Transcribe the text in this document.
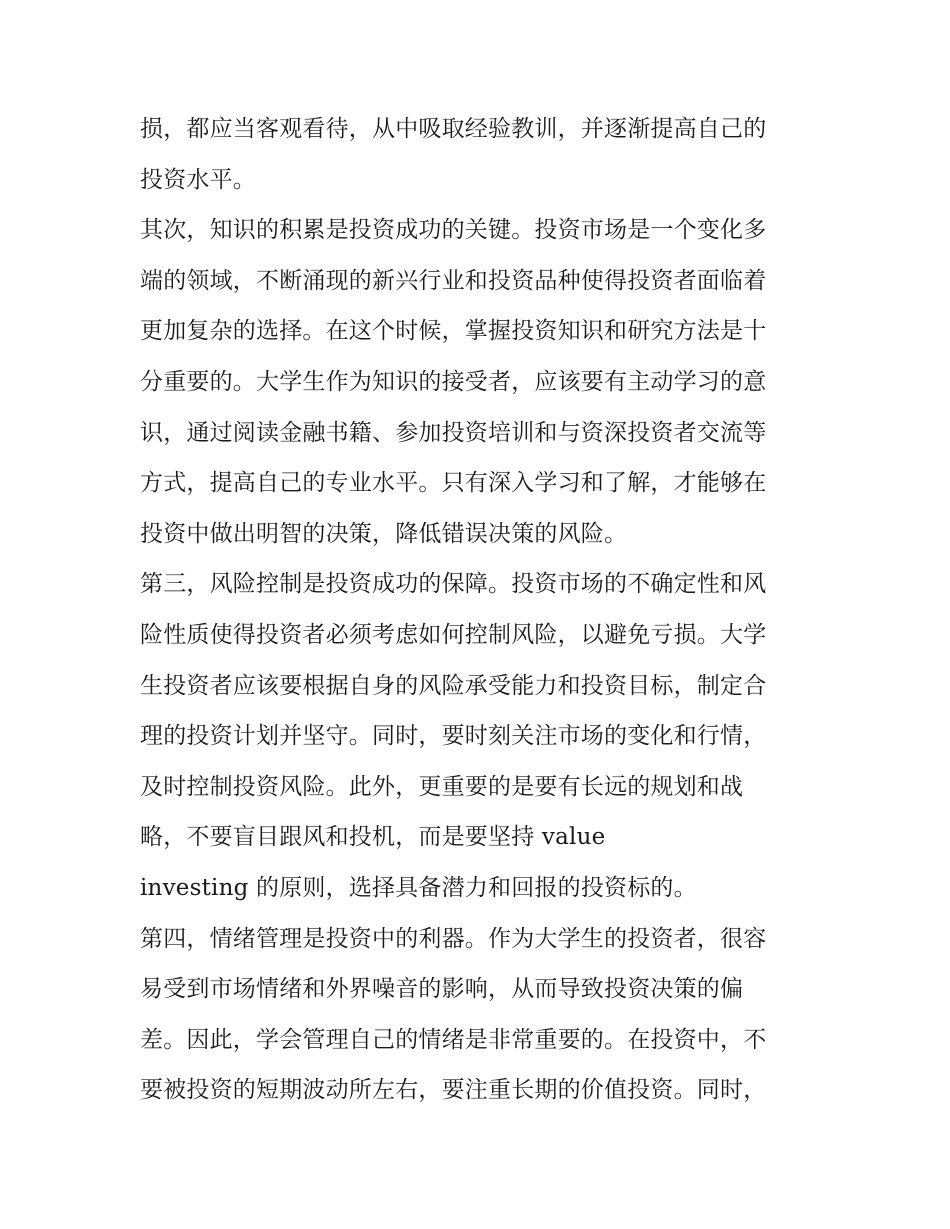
损，都应当客观看待，从中吸取经验教训，并逐渐提高自己的
投资水平。
其次，知识的积累是投资成功的关键。投资市场是一个变化多
端的领域，不断涌现的新兴行业和投资品种使得投资者面临着
更加复杂的选择。在这个时候，掌握投资知识和研究方法是十
分重要的。大学生作为知识的接受者，应该要有主动学习的意
识，通过阅读金融书籍、参加投资培训和与资深投资者交流等
方式，提高自己的专业水平。只有深入学习和了解，才能够在
投资中做出明智的决策，降低错误决策的风险。
第三，风险控制是投资成功的保障。投资市场的不确定性和风
险性质使得投资者必须考虑如何控制风险，以避免亏损。大学
生投资者应该要根据自身的风险承受能力和投资目标，制定合
理的投资计划并坚守。同时，要时刻关注市场的变化和行情，
及时控制投资风险。此外，更重要的是要有长远的规划和战
略，不要盲目跟风和投机，而是要坚持 value
investing 的原则，选择具备潜力和回报的投资标的。
第四，情绪管理是投资中的利器。作为大学生的投资者，很容
易受到市场情绪和外界噪音的影响，从而导致投资决策的偏
差。因此，学会管理自己的情绪是非常重要的。在投资中，不
要被投资的短期波动所左右，要注重长期的价值投资。同时，
